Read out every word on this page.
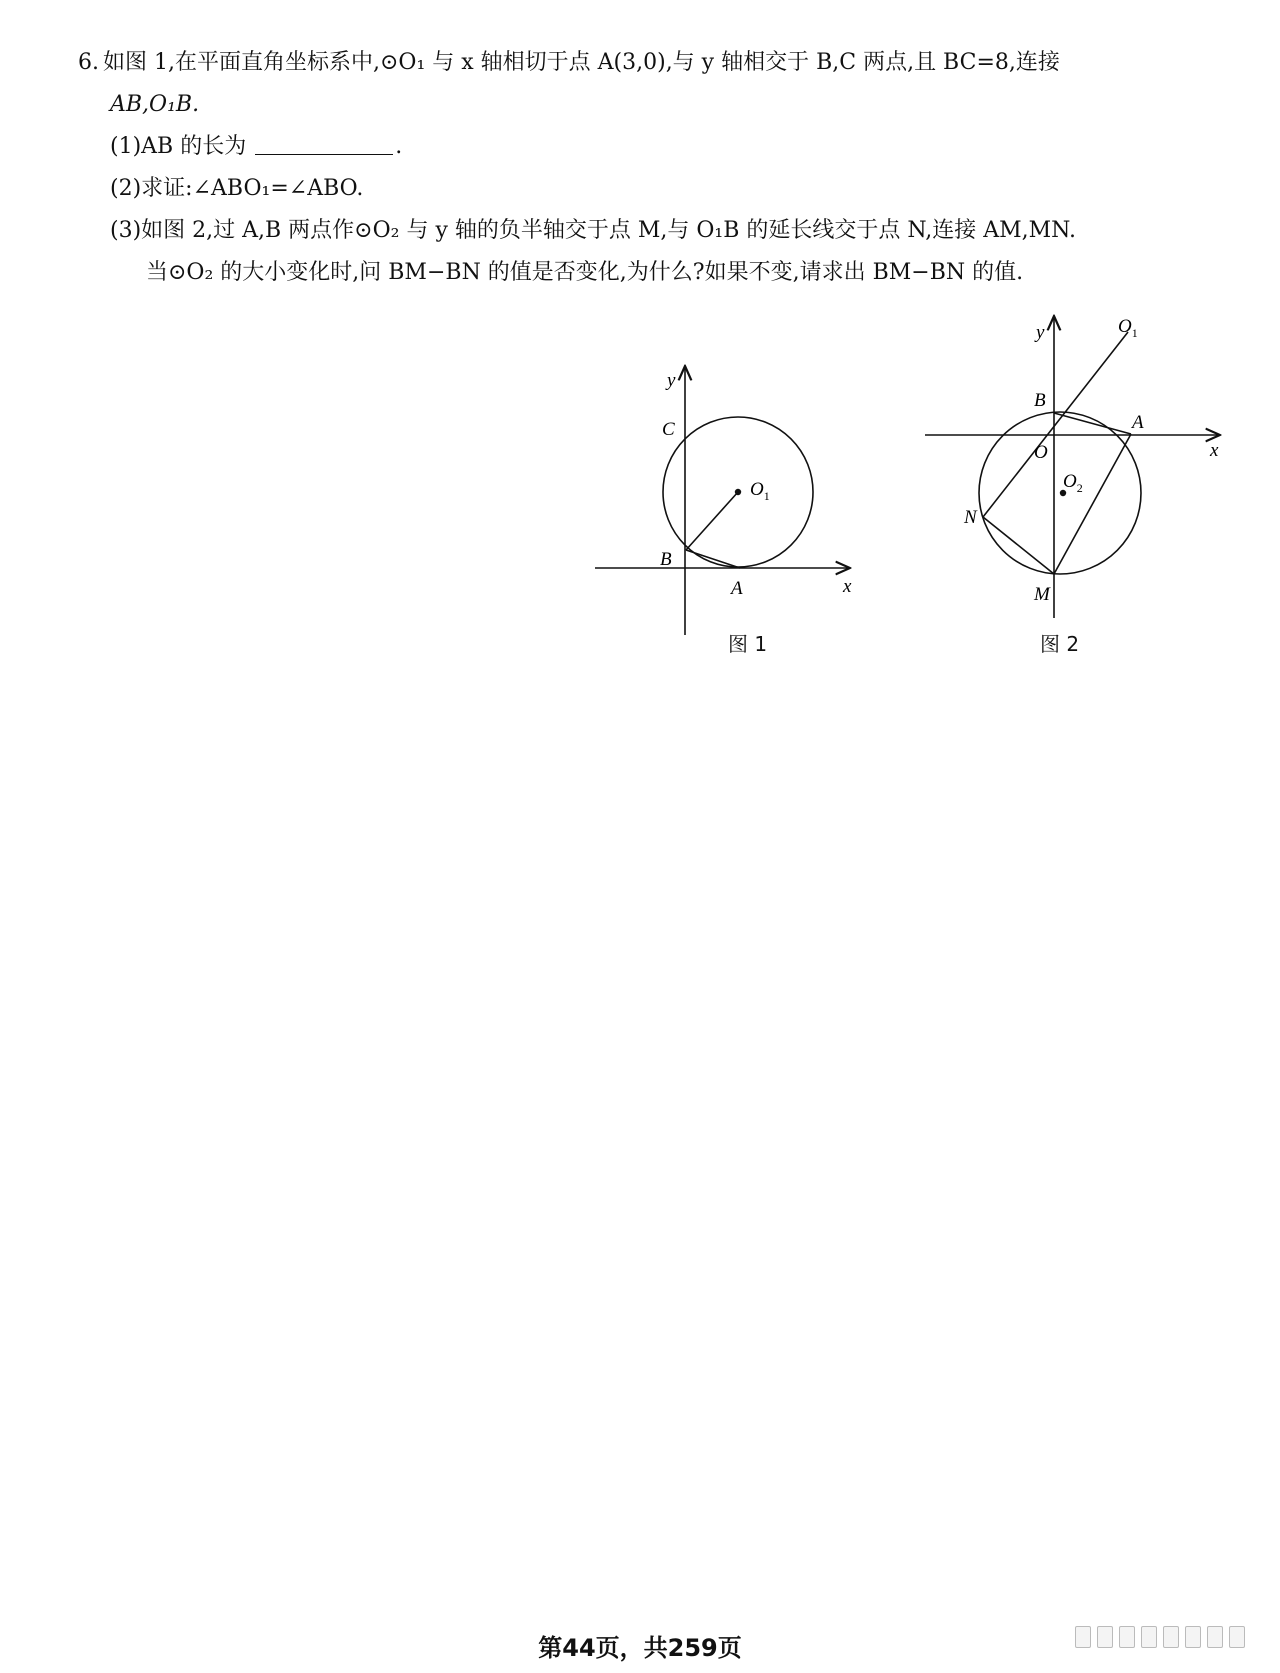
6. 如图 1,在平面直角坐标系中,⊙O₁ 与 x 轴相切于点 A(3,0),与 y 轴相交于 B,C 两点,且 BC=8,连接
AB,O₁B.
(1)AB 的长为	.
(2)求证:∠ABO₁=∠ABO.
(3)如图 2,过 A,B 两点作⊙O₂ 与 y 轴的负半轴交于点 M,与 O₁B 的延长线交于点 N,连接 AM,MN.
当⊙O₂ 的大小变化时,问 BM−BN 的值是否变化,为什么?如果不变,请求出 BM−BN 的值.
y
x
C
$O_1$
B
A
图 1
y	$O_1$
B
A
x
O
$O_2$
N
M
图 2
第44页，共259页
